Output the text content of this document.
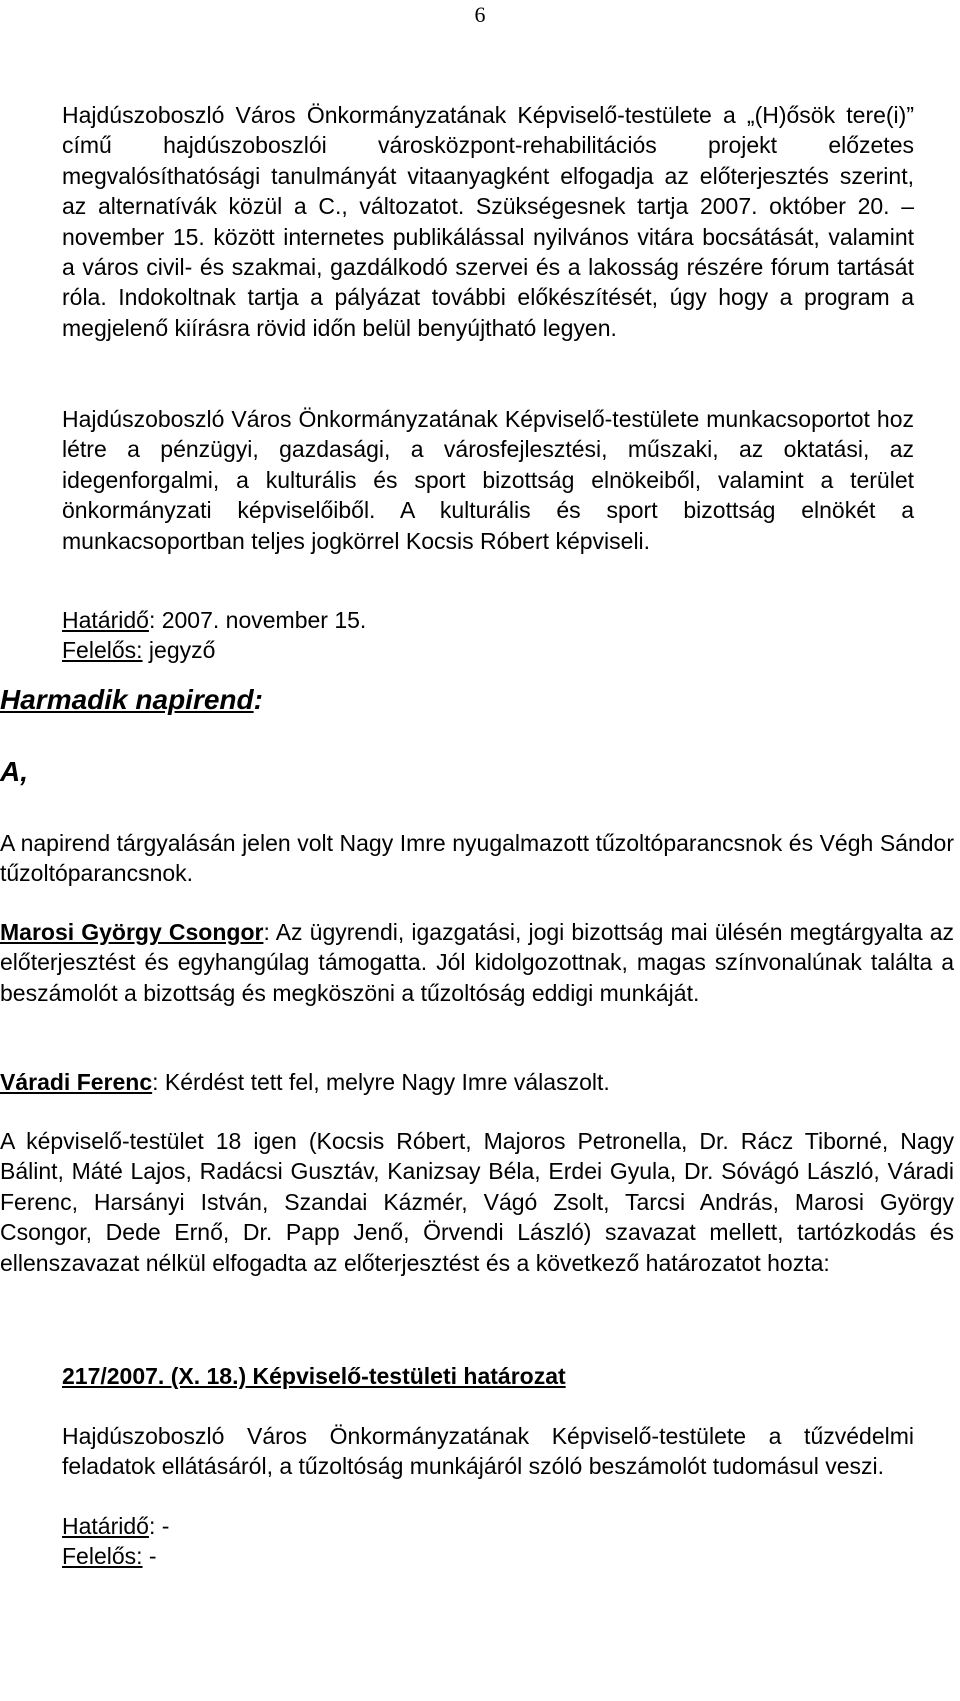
6

Hajdúszoboszló Város Önkormányzatának Képviselő-testülete a „(H)ősök tere(i)” című hajdúszoboszlói városközpont-rehabilitációs projekt előzetes megvalósíthatósági tanulmányát vitaanyagként elfogadja az előterjesztés szerint, az alternatívák közül a C., változatot. Szükségesnek tartja 2007. október 20. – november 15. között internetes publikálással nyilvános vitára bocsátását, valamint a város civil- és szakmai, gazdálkodó szervei és a lakosság részére fórum tartását róla. Indokoltnak tartja a pályázat további előkészítését, úgy hogy a program a megjelenő kiírásra rövid időn belül benyújtható legyen.

Hajdúszoboszló Város Önkormányzatának Képviselő-testülete munkacsoportot hoz létre a pénzügyi, gazdasági, a városfejlesztési, műszaki, az oktatási, az idegenforgalmi, a kulturális és sport bizottság elnökeiből, valamint a terület önkormányzati képviselőiből. A kulturális és sport bizottság elnökét a munkacsoportban teljes jogkörrel Kocsis Róbert képviseli.

Határidő: 2007. november 15.
Felelős: jegyző
Harmadik napirend:
A,

A napirend tárgyalásán jelen volt Nagy Imre nyugalmazott tűzoltóparancsnok és Végh Sándor tűzoltóparancsnok.

Marosi György Csongor: Az ügyrendi, igazgatási, jogi bizottság mai ülésén megtárgyalta az előterjesztést és egyhangúlag támogatta. Jól kidolgozottnak, magas színvonalúnak találta a beszámolót a bizottság és megköszöni a tűzoltóság eddigi munkáját.

Váradi Ferenc: Kérdést tett fel, melyre Nagy Imre válaszolt.

A képviselő-testület 18 igen (Kocsis Róbert, Majoros Petronella, Dr. Rácz Tiborné, Nagy Bálint, Máté Lajos, Radácsi Gusztáv, Kanizsay Béla, Erdei Gyula, Dr. Sóvágó László, Váradi Ferenc, Harsányi István, Szandai Kázmér, Vágó Zsolt, Tarcsi András, Marosi György Csongor, Dede Ernő, Dr. Papp Jenő, Örvendi László) szavazat mellett, tartózkodás és ellenszavazat nélkül elfogadta az előterjesztést és a következő határozatot hozta:

217/2007. (X. 18.) Képviselő-testületi határozat

Hajdúszoboszló Város Önkormányzatának Képviselő-testülete a tűzvédelmi feladatok ellátásáról, a tűzoltóság munkájáról szóló beszámolót tudomásul veszi.

Határidő: -
Felelős: -
